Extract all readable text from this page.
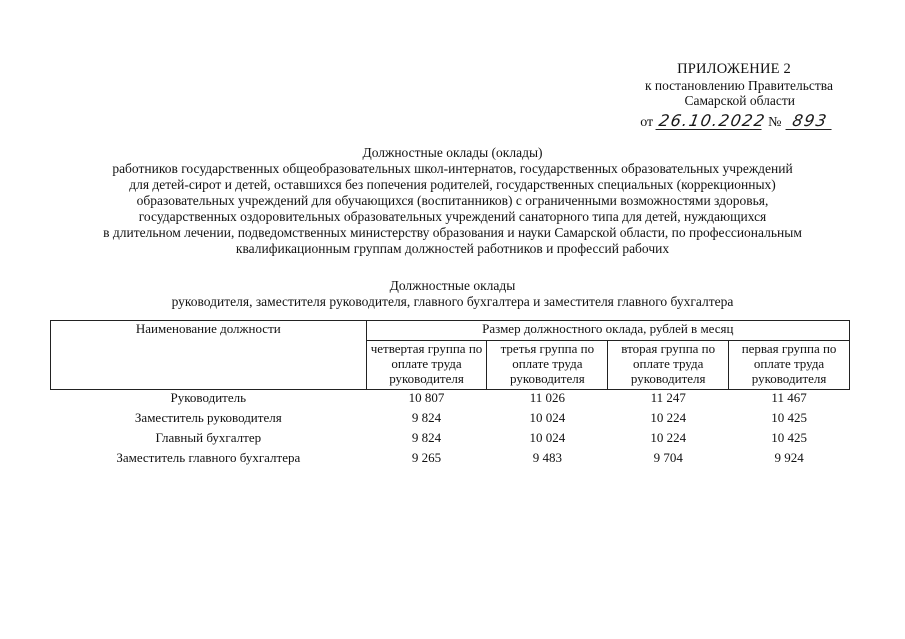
ПРИЛОЖЕНИЕ 2
к постановлению Правительства
Самарской области
от 26.10.2022 № 893
Должностные оклады (оклады)
работников государственных общеобразовательных школ-интернатов, государственных образовательных учреждений
для детей-сирот и детей, оставшихся без попечения родителей, государственных специальных (коррекционных)
образовательных учреждений для обучающихся (воспитанников) с ограниченными возможностями здоровья,
государственных оздоровительных образовательных учреждений санаторного типа для детей, нуждающихся
в длительном лечении, подведомственных министерству образования и науки Самарской области, по профессиональным
квалификационным группам должностей работников и профессий рабочих
Должностные оклады
руководителя, заместителя руководителя, главного бухгалтера и заместителя главного бухгалтера
Наименование должности	Размер должностного оклада, рублей в месяц			
	четвертая группа по оплате труда руководителя	третья группа по оплате труда руководителя	вторая группа по оплате труда руководителя	первая группа по оплате труда руководителя
Руководитель	10 807	11 026	11 247	11 467
Заместитель руководителя	9 824	10 024	10 224	10 425
Главный бухгалтер	9 824	10 024	10 224	10 425
Заместитель главного бухгалтера	9 265	9 483	9 704	9 924
